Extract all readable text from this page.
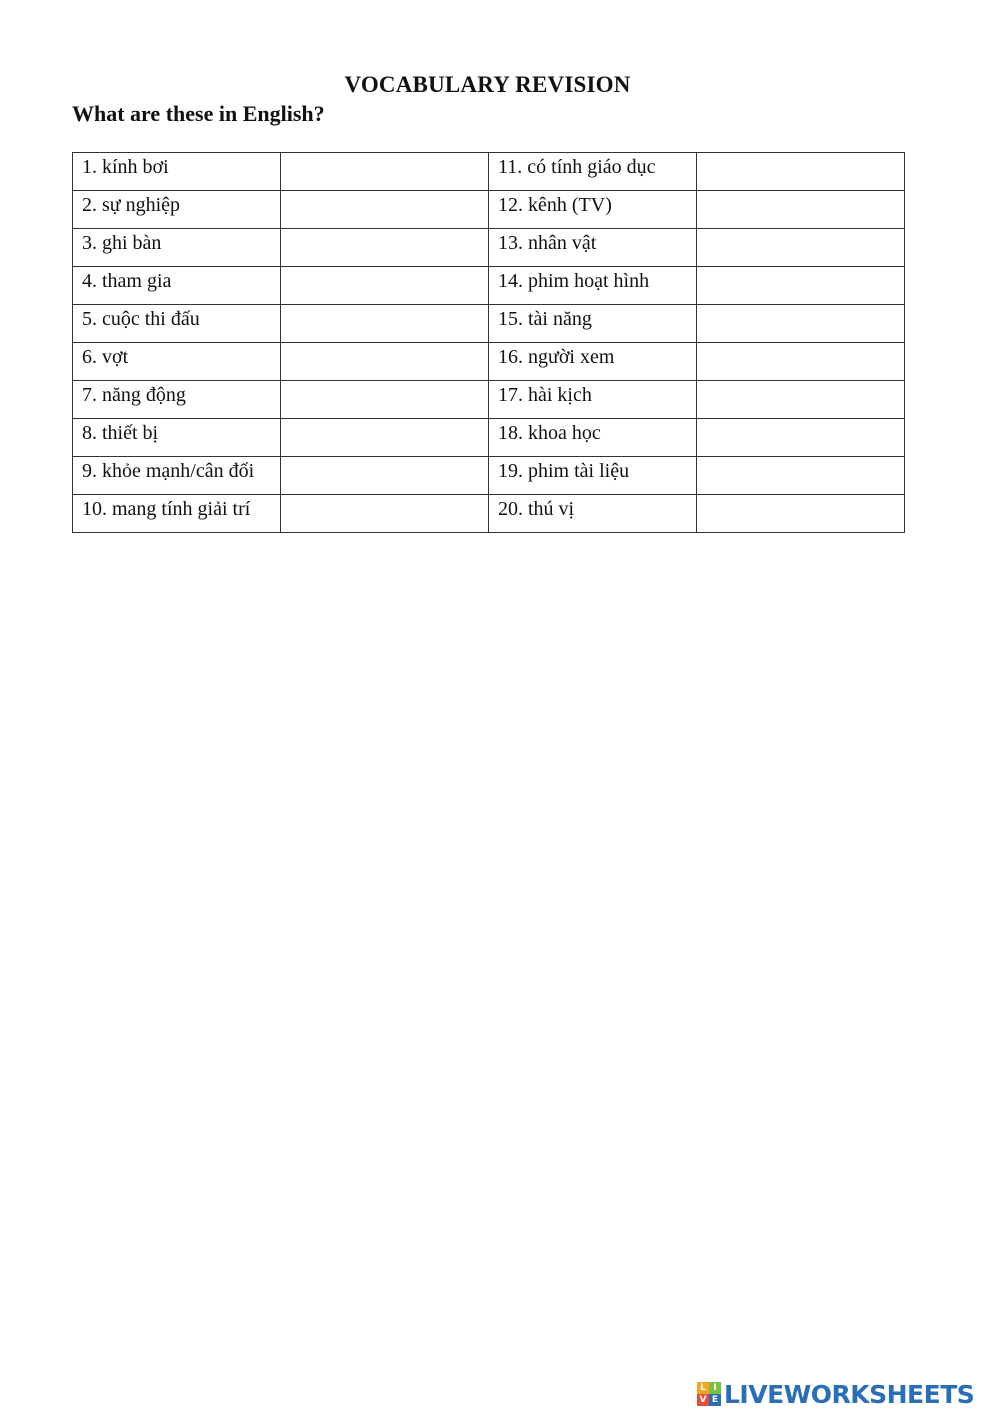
VOCABULARY REVISION
What are these in English?
1. kính bơi		11. có tính giáo dục	
2. sự nghiệp		12. kênh (TV)	
3. ghi bàn		13. nhân vật	
4. tham gia		14. phim hoạt hình	
5. cuộc thi đấu		15. tài năng	
6. vợt		16. người xem	
7. năng động		17. hài kịch	
8. thiết bị		18. khoa học	
9. khỏe mạnh/cân đối		19. phim tài liệu	
10. mang tính giải trí		20. thú vị	
L I
V E LIVEWORKSHEETS
